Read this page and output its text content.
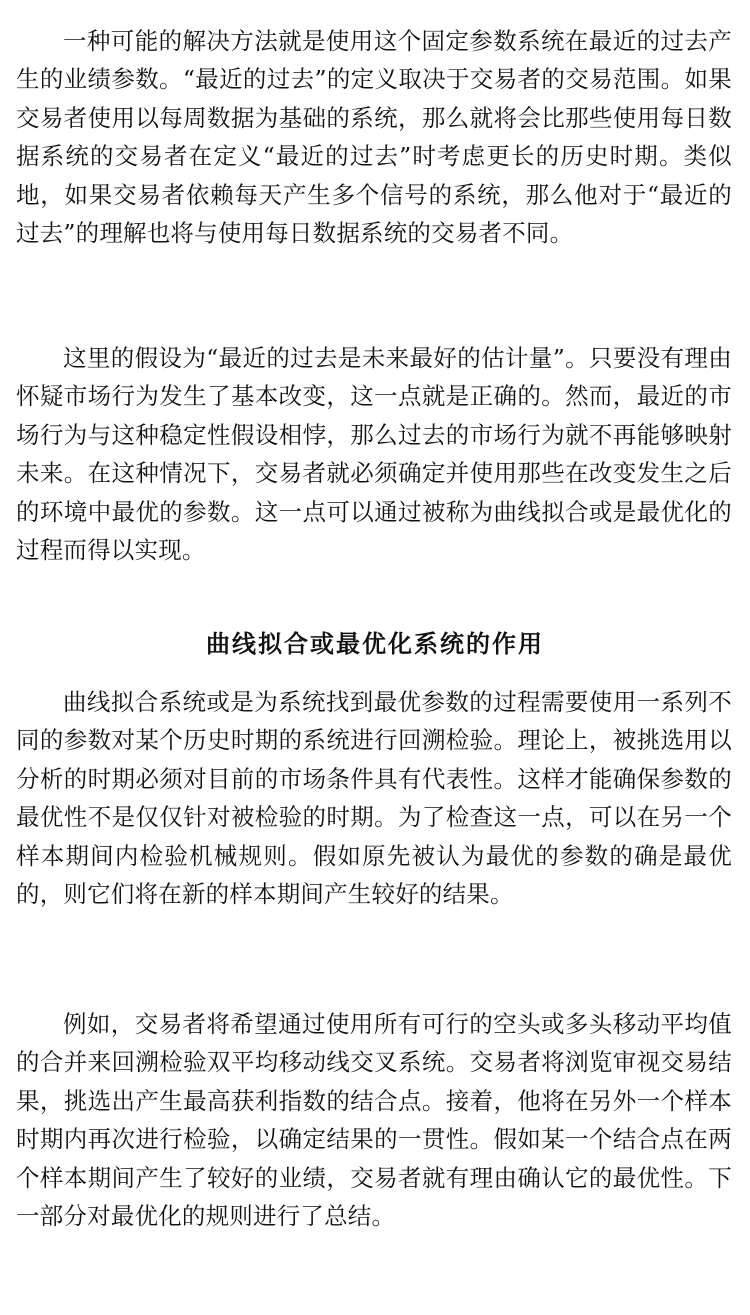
一种可能的解决方法就是使用这个固定参数系统在最近的过去产生的业绩参数。“最近的过去”的定义取决于交易者的交易范围。如果交易者使用以每周数据为基础的系统，那么就将会比那些使用每日数据系统的交易者在定义“最近的过去”时考虑更长的历史时期。类似地，如果交易者依赖每天产生多个信号的系统，那么他对于“最近的过去”的理解也将与使用每日数据系统的交易者不同。

这里的假设为“最近的过去是未来最好的估计量”。只要没有理由怀疑市场行为发生了基本改变，这一点就是正确的。然而，最近的市场行为与这种稳定性假设相悖，那么过去的市场行为就不再能够映射未来。在这种情况下，交易者就必须确定并使用那些在改变发生之后的环境中最优的参数。这一点可以通过被称为曲线拟合或是最优化的过程而得以实现。

曲线拟合或最优化系统的作用

曲线拟合系统或是为系统找到最优参数的过程需要使用一系列不同的参数对某个历史时期的系统进行回溯检验。理论上，被挑选用以分析的时期必须对目前的市场条件具有代表性。这样才能确保参数的最优性不是仅仅针对被检验的时期。为了检查这一点，可以在另一个样本期间内检验机械规则。假如原先被认为最优的参数的确是最优的，则它们将在新的样本期间产生较好的结果。

例如，交易者将希望通过使用所有可行的空头或多头移动平均值的合并来回溯检验双平均移动线交叉系统。交易者将浏览审视交易结果，挑选出产生最高获利指数的结合点。接着，他将在另外一个样本时期内再次进行检验，以确定结果的一贯性。假如某一个结合点在两个样本期间产生了较好的业绩，交易者就有理由确认它的最优性。下一部分对最优化的规则进行了总结。
